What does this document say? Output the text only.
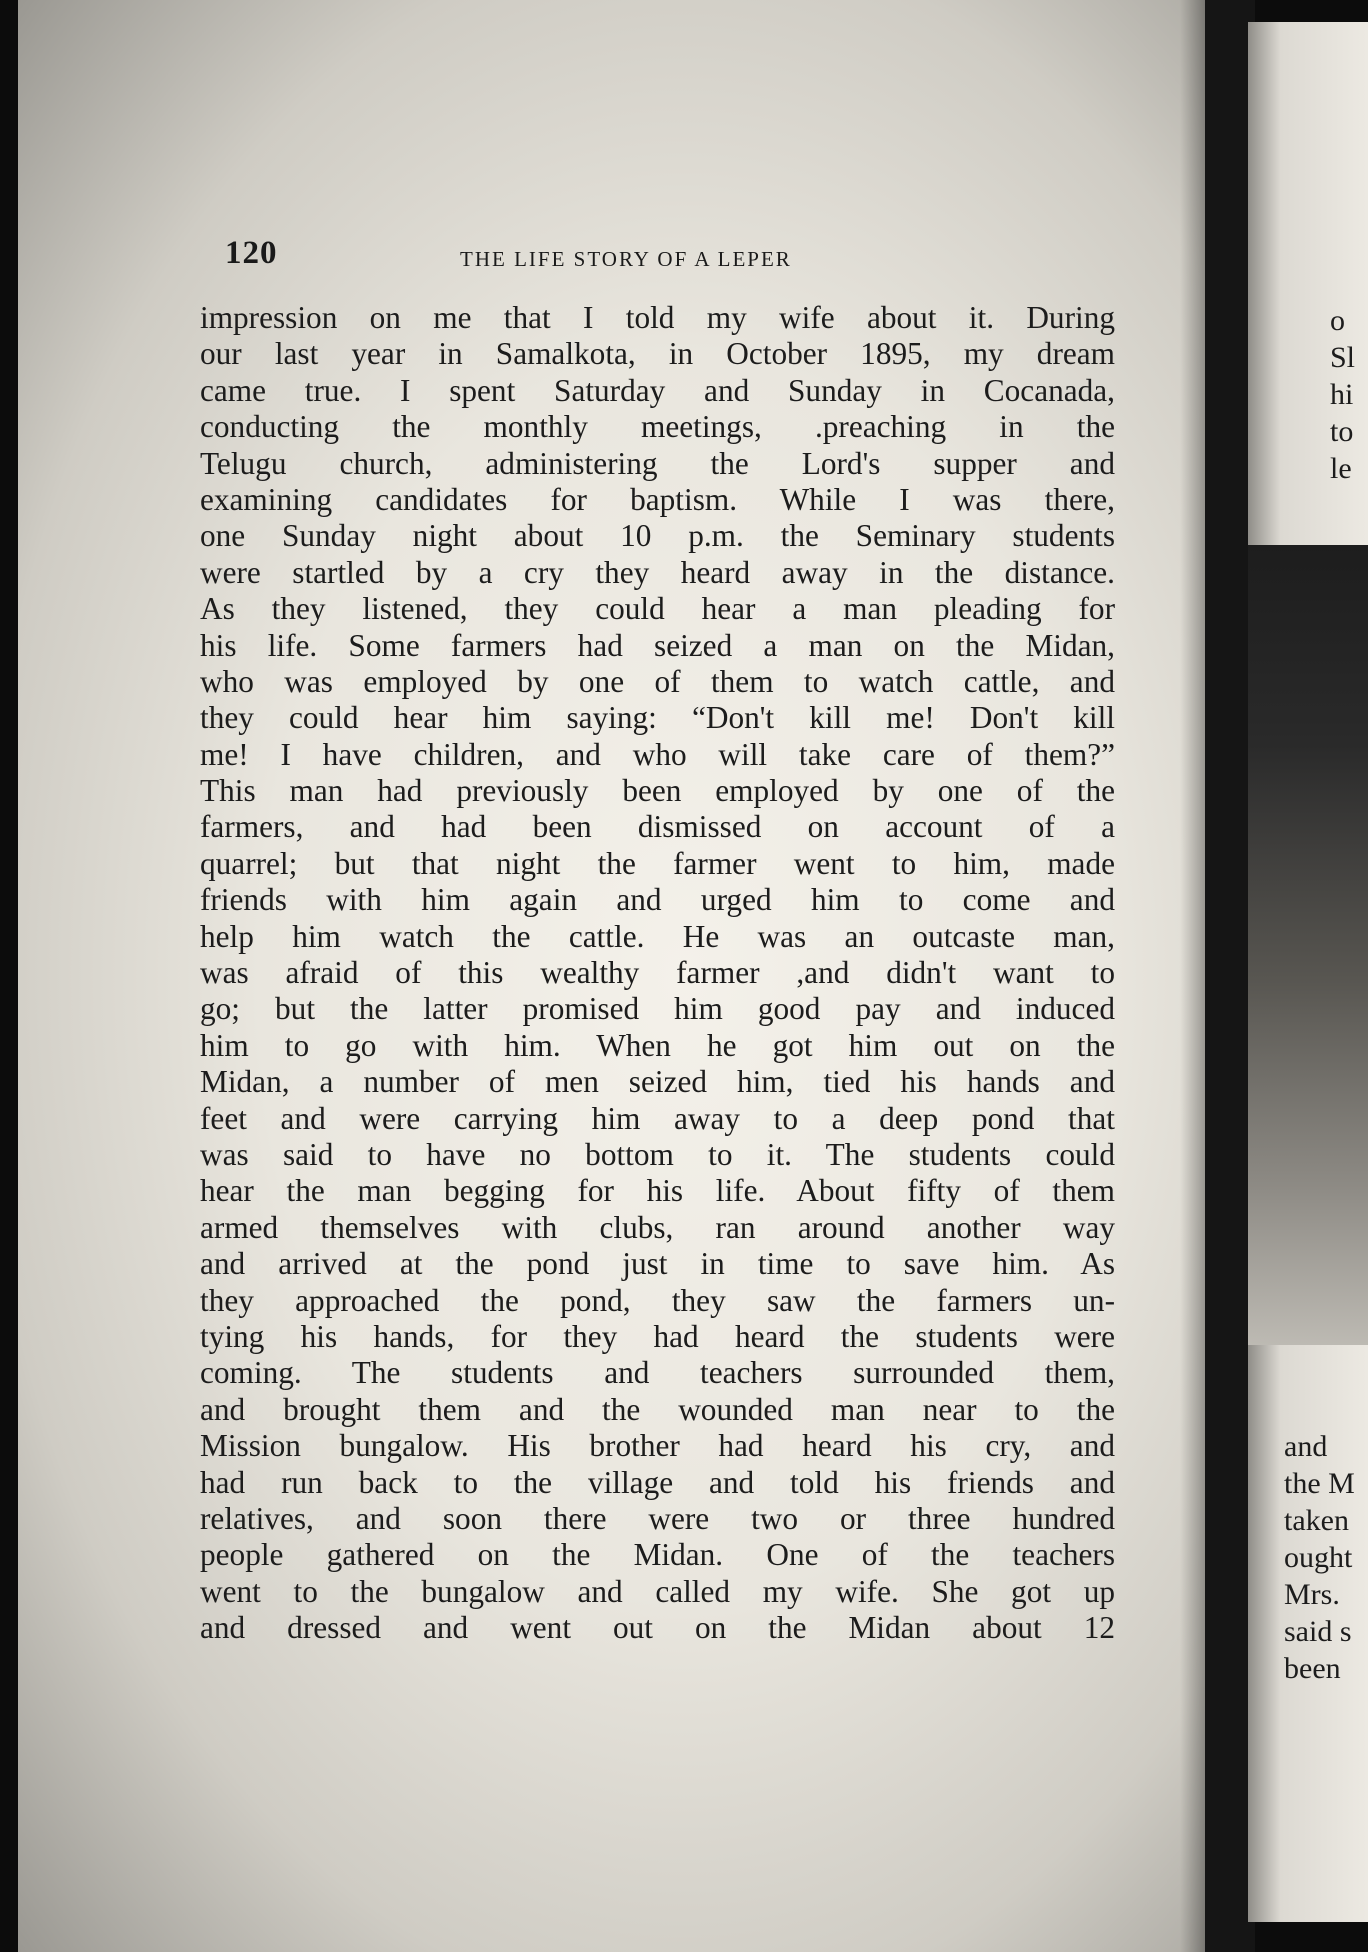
120	THE LIFE STORY OF A LEPER
impression on me that I told my wife about it. During
our last year in Samalkota, in October 1895, my dream
came true. I spent Saturday and Sunday in Cocanada,
conducting the monthly meetings, .preaching in the
Telugu church, administering the Lord's supper and
examining candidates for baptism. While I was there,
one Sunday night about 10 p.m. the Seminary students
were startled by a cry they heard away in the distance.
As they listened, they could hear a man pleading for
his life. Some farmers had seized a man on the Midan,
who was employed by one of them to watch cattle, and
they could hear him saying: “Don't kill me! Don't kill
me! I have children, and who will take care of them?”
This man had previously been employed by one of the
farmers, and had been dismissed on account of a
quarrel; but that night the farmer went to him, made
friends with him again and urged him to come and
help him watch the cattle. He was an outcaste man,
was afraid of this wealthy farmer ,and didn't want to
go; but the latter promised him good pay and induced
him to go with him. When he got him out on the
Midan, a number of men seized him, tied his hands and
feet and were carrying him away to a deep pond that
was said to have no bottom to it. The students could
hear the man begging for his life. About fifty of them
armed themselves with clubs, ran around another way
and arrived at the pond just in time to save him. As
they approached the pond, they saw the farmers un-
tying his hands, for they had heard the students were
coming. The students and teachers surrounded them,
and brought them and the wounded man near to the
Mission bungalow. His brother had heard his cry, and
had run back to the village and told his friends and
relatives, and soon there were two or three hundred
people gathered on the Midan. One of the teachers
went to the bungalow and called my wife. She got up
and dressed and went out on the Midan about 12
o
Sl
hi
to
le
and
the M
taken
ought
Mrs.
said s
been
